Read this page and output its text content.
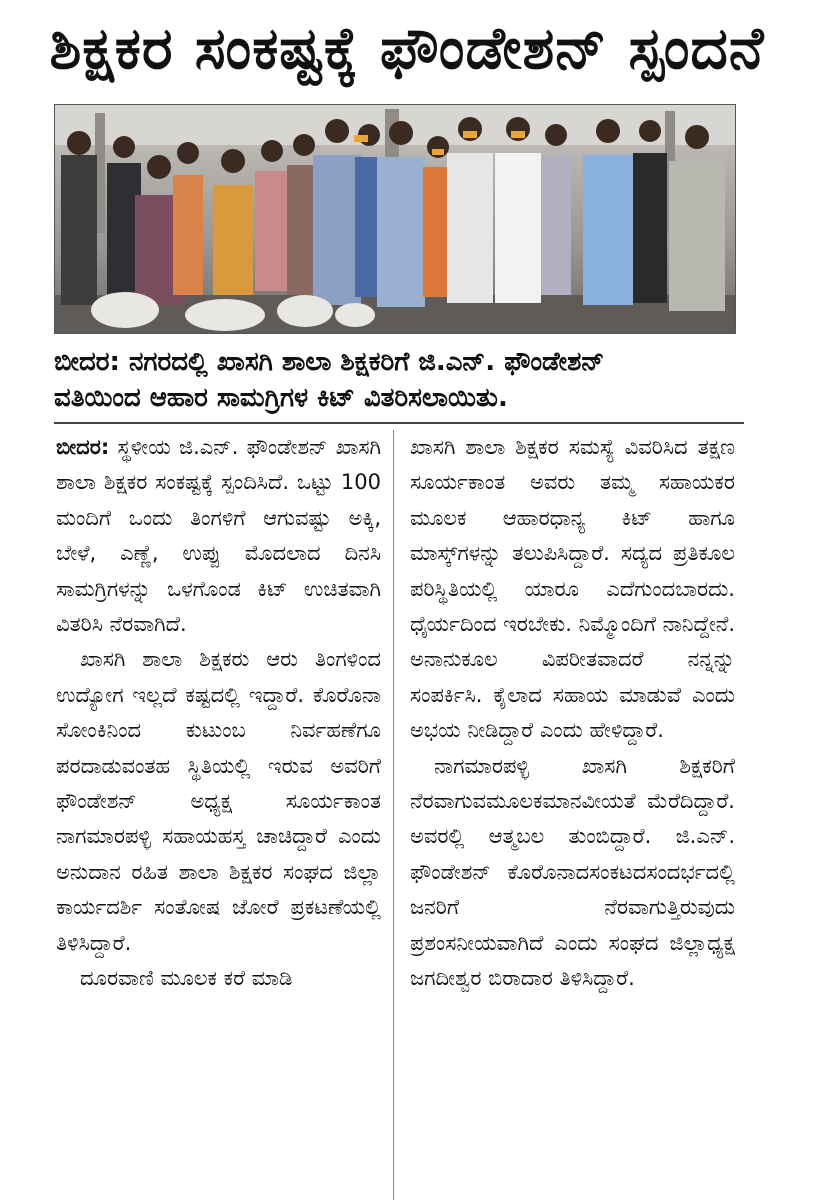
ಶಿಕ್ಷಕರ ಸಂಕಷ್ಟಕ್ಕೆ ಫೌಂಡೇಶನ್ ಸ್ಪಂದನೆ

ಬೀದರ: ನಗರದಲ್ಲಿ ಖಾಸಗಿ ಶಾಲಾ ಶಿಕ್ಷಕರಿಗೆ ಜಿ.ಎನ್. ಫೌಂಡೇಶನ್

ವತಿಯಿಂದ ಆಹಾರ ಸಾಮಗ್ರಿಗಳ ಕಿಟ್ ವಿತರಿಸಲಾಯಿತು.

ಬೀದರ: ಸ್ಥಳೀಯ ಜಿ.ಎನ್. ಫೌಂಡೇಶನ್ ಖಾಸಗಿ ಶಾಲಾ ಶಿಕ್ಷಕರ ಸಂಕಷ್ಟಕ್ಕೆ ಸ್ಪಂದಿಸಿದೆ. ಒಟ್ಟು 100 ಮಂದಿಗೆ ಒಂದು ತಿಂಗಳಿಗೆ ಆಗುವಷ್ಟು ಅಕ್ಕಿ, ಬೇಳೆ, ಎಣ್ಣೆ, ಉಪ್ಪು ಮೊದಲಾದ ದಿನಸಿ ಸಾಮಗ್ರಿಗಳನ್ನು ಒಳಗೊಂಡ ಕಿಟ್ ಉಚಿತವಾಗಿ ವಿತರಿಸಿ ನೆರವಾಗಿದೆ.

ಖಾಸಗಿ ಶಾಲಾ ಶಿಕ್ಷಕರು ಆರು ತಿಂಗಳಿಂದ ಉದ್ಯೋಗ ಇಲ್ಲದೆ ಕಷ್ಟದಲ್ಲಿ ಇದ್ದಾರೆ. ಕೊರೊನಾ ಸೋಂಕಿನಿಂದ ಕುಟುಂಬ ನಿರ್ವಹಣೆಗೂ ಪರದಾಡುವಂತಹ ಸ್ಥಿತಿಯಲ್ಲಿ ಇರುವ ಅವರಿಗೆ ಫೌಂಡೇಶನ್ ಅಧ್ಯಕ್ಷ ಸೂರ್ಯಕಾಂತ ನಾಗಮಾರಪಳ್ಳಿ ಸಹಾಯಹಸ್ತ ಚಾಚಿದ್ದಾರೆ ಎಂದು ಅನುದಾನ ರಹಿತ ಶಾಲಾ ಶಿಕ್ಷಕರ ಸಂಘದ ಜಿಲ್ಲಾ ಕಾರ್ಯದರ್ಶಿ ಸಂತೋಷ ಜೋರೆ ಪ್ರಕಟಣೆಯಲ್ಲಿ ತಿಳಿಸಿದ್ದಾರೆ.

ದೂರವಾಣಿ ಮೂಲಕ ಕರೆ ಮಾಡಿ

ಖಾಸಗಿ ಶಾಲಾ ಶಿಕ್ಷಕರ ಸಮಸ್ಯೆ ವಿವರಿಸಿದ ತಕ್ಷಣ ಸೂರ್ಯಕಾಂತ ಅವರು ತಮ್ಮ ಸಹಾಯಕರ ಮೂಲಕ ಆಹಾರಧಾನ್ಯ ಕಿಟ್ ಹಾಗೂ ಮಾಸ್ಕ್‌ಗಳನ್ನು ತಲುಪಿಸಿದ್ದಾರೆ. ಸದ್ಯದ ಪ್ರತಿಕೂಲ ಪರಿಸ್ಥಿತಿಯಲ್ಲಿ ಯಾರೂ ಎದೆಗುಂದಬಾರದು. ಧೈರ್ಯದಿಂದ ಇರಬೇಕು. ನಿಮ್ಮೊಂದಿಗೆ ನಾನಿದ್ದೇನೆ. ಅನಾನುಕೂಲ ವಿಪರೀತವಾದರೆ ನನ್ನನ್ನು ಸಂಪರ್ಕಿಸಿ. ಕೈಲಾದ ಸಹಾಯ ಮಾಡುವೆ ಎಂದು ಅಭಯ ನೀಡಿದ್ದಾರೆ ಎಂದು ಹೇಳಿದ್ದಾರೆ.

ನಾಗಮಾರಪಳ್ಳಿ ಖಾಸಗಿ ಶಿಕ್ಷಕರಿಗೆ ನೆರವಾಗುವಮೂಲಕಮಾನವೀಯತೆ ಮೆರೆದಿದ್ದಾರೆ. ಅವರಲ್ಲಿ ಆತ್ಮಬಲ ತುಂಬಿದ್ದಾರೆ. ಜಿ.ಎನ್. ಫೌಂಡೇಶನ್ ಕೊರೊನಾದಸಂಕಟದಸಂದರ್ಭದಲ್ಲಿ ಜನರಿಗೆ ನೆರವಾಗುತ್ತಿರುವುದು ಪ್ರಶಂಸನೀಯವಾಗಿದೆ ಎಂದು ಸಂಘದ ಜಿಲ್ಲಾಧ್ಯಕ್ಷ ಜಗದೀಶ್ವರ ಬಿರಾದಾರ ತಿಳಿಸಿದ್ದಾರೆ.
